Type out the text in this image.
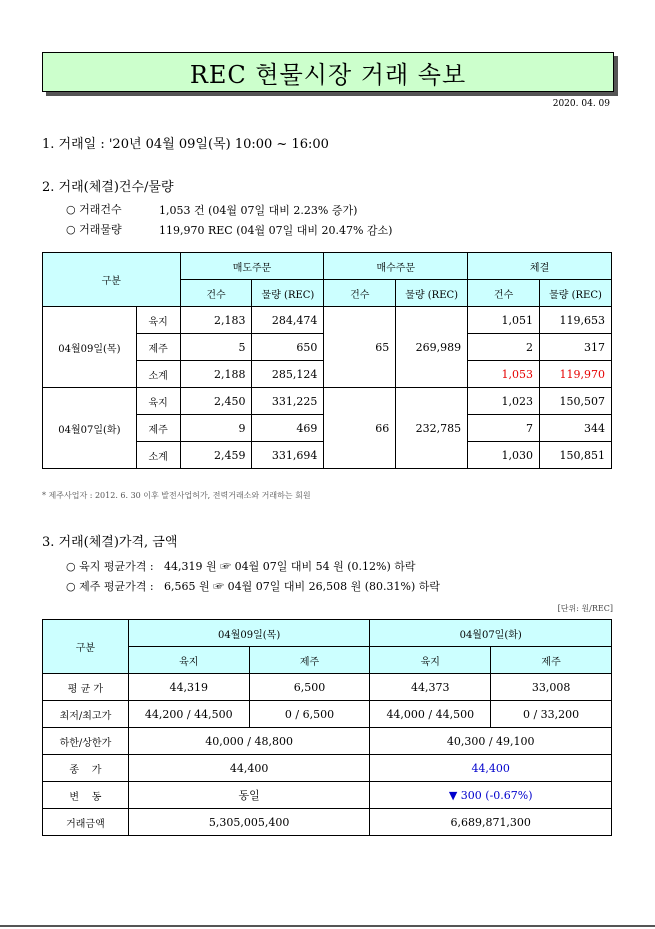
REC 현물시장 거래 속보
2020. 04. 09
1. 거래일 : '20년 04월 09일(목) 10:00 ~ 16:00
2. 거래(체결)건수/물량
○ 거래건수	1,053 건 (04월 07일 대비 2.23% 증가)
○ 거래물량	119,970 REC (04월 07일 대비 20.47% 감소)
구분		매도주문		매수주문		체결	
		건수	물량 (REC)	건수	물량 (REC)	건수	물량 (REC)
04월09일(목)	육지	2,183	284,474	65	269,989	1,051	119,653
	제주	5	650			2	317
	소계	2,188	285,124			1,053	119,970
04월07일(화)	육지	2,450	331,225	66	232,785	1,023	150,507
	제주	9	469			7	344
	소계	2,459	331,694			1,030	150,851
* 제주사업자 : 2012. 6. 30 이후 발전사업허가, 전력거래소와 거래하는 회원
3. 거래(체결)가격, 금액
○ 육지 평균가격 :   44,319 원 ☞ 04월 07일 대비 54 원 (0.12%) 하락
○ 제주 평균가격 :   6,565 원 ☞ 04월 07일 대비 26,508 원 (80.31%) 하락
[단위: 원/REC]
구분	04월09일(목)		04월07일(화)	
	육지	제주	육지	제주
평 균 가	44,319	6,500	44,373	33,008
최저/최고가	44,200 / 44,500	0 / 6,500	44,000 / 44,500	0 / 33,200
하한/상한가	40,000 / 48,800		40,300 / 49,100	
종    가	44,400		44,400	
변    동	동일		▼ 300 (-0.67%)	
거래금액	5,305,005,400		6,689,871,300	
